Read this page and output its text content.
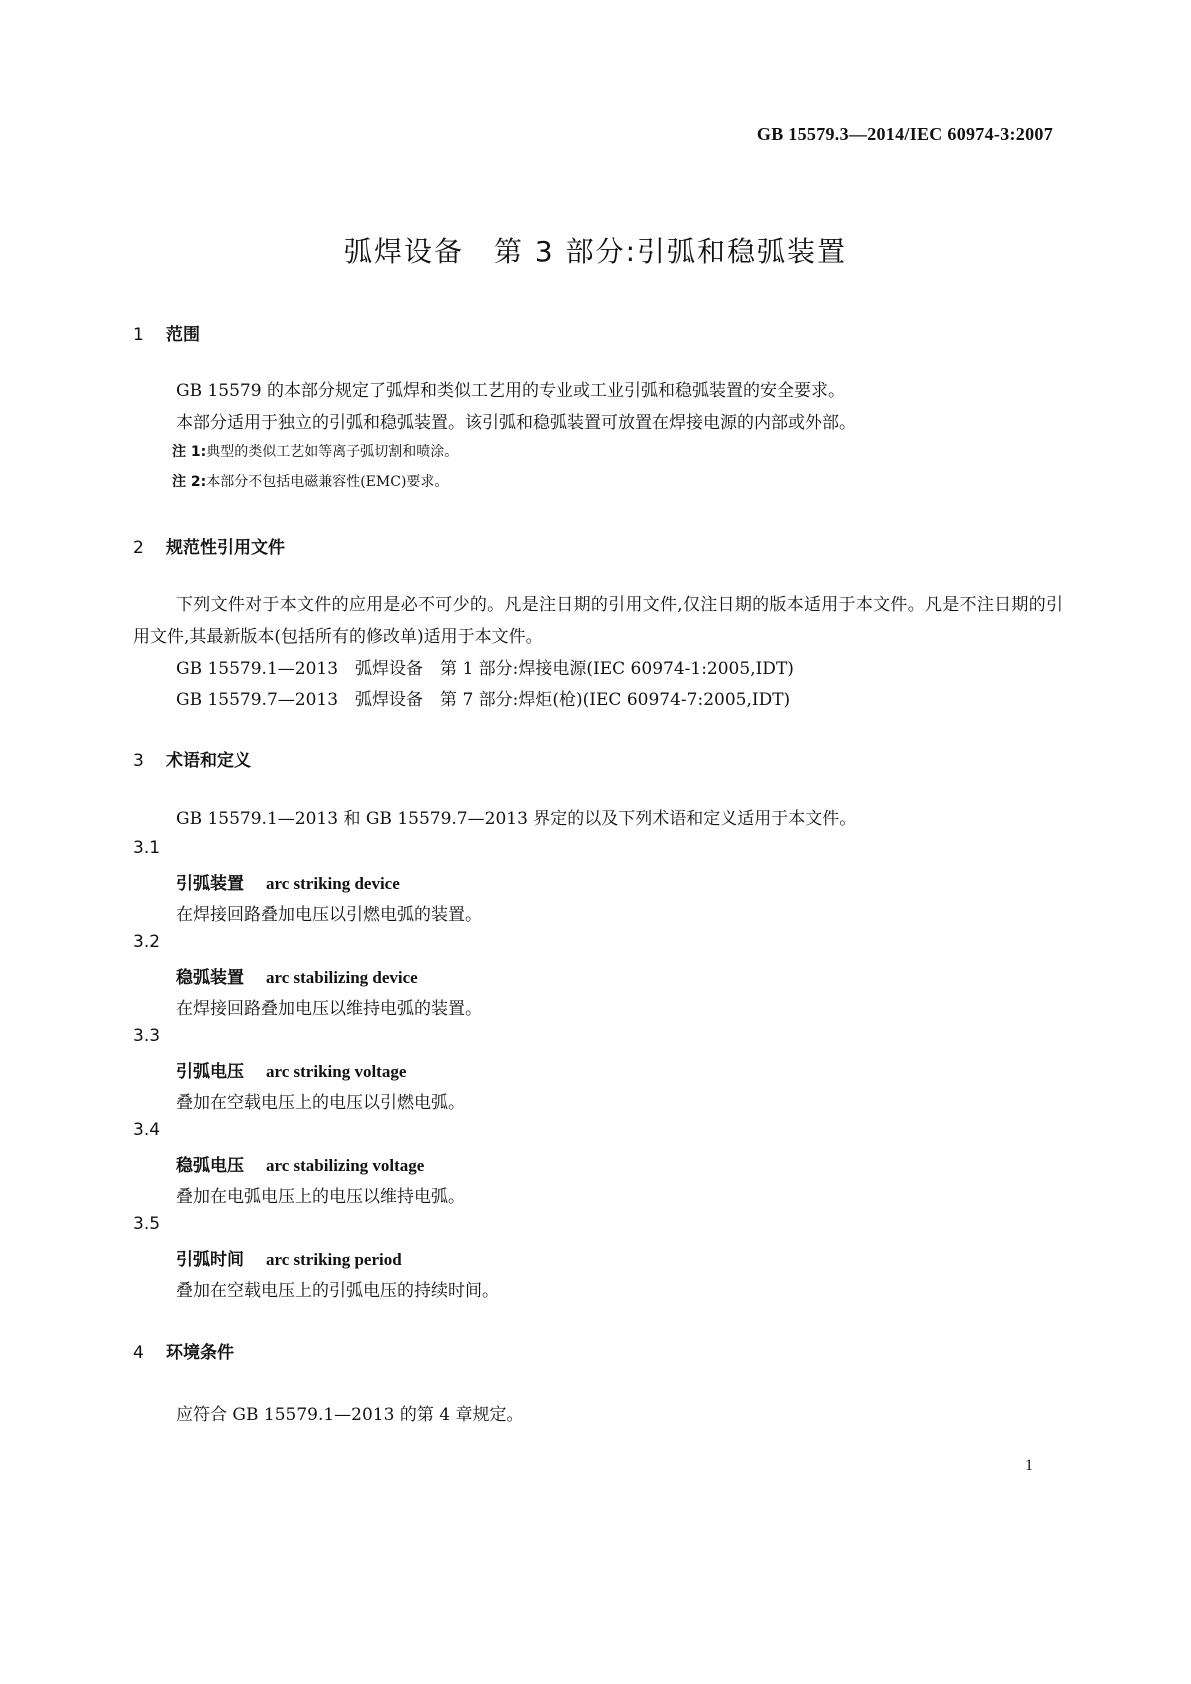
GB 15579.3—2014/IEC 60974-3:2007
弧焊设备　第 3 部分:引弧和稳弧装置
1 范围
GB 15579 的本部分规定了弧焊和类似工艺用的专业或工业引弧和稳弧装置的安全要求。
本部分适用于独立的引弧和稳弧装置。该引弧和稳弧装置可放置在焊接电源的内部或外部。
注 1:典型的类似工艺如等离子弧切割和喷涂。
注 2:本部分不包括电磁兼容性(EMC)要求。
2 规范性引用文件
下列文件对于本文件的应用是必不可少的。凡是注日期的引用文件,仅注日期的版本适用于本文件。凡是不注日期的引用文件,其最新版本(包括所有的修改单)适用于本文件。
GB 15579.1—2013　弧焊设备　第 1 部分:焊接电源(IEC 60974-1:2005,IDT)
GB 15579.7—2013　弧焊设备　第 7 部分:焊炬(枪)(IEC 60974-7:2005,IDT)
3 术语和定义
GB 15579.1—2013 和 GB 15579.7—2013 界定的以及下列术语和定义适用于本文件。
3.1
引弧装置 arc striking device
在焊接回路叠加电压以引燃电弧的装置。
3.2
稳弧装置 arc stabilizing device
在焊接回路叠加电压以维持电弧的装置。
3.3
引弧电压 arc striking voltage
叠加在空载电压上的电压以引燃电弧。
3.4
稳弧电压 arc stabilizing voltage
叠加在电弧电压上的电压以维持电弧。
3.5
引弧时间 arc striking period
叠加在空载电压上的引弧电压的持续时间。
4 环境条件
应符合 GB 15579.1—2013 的第 4 章规定。
1
